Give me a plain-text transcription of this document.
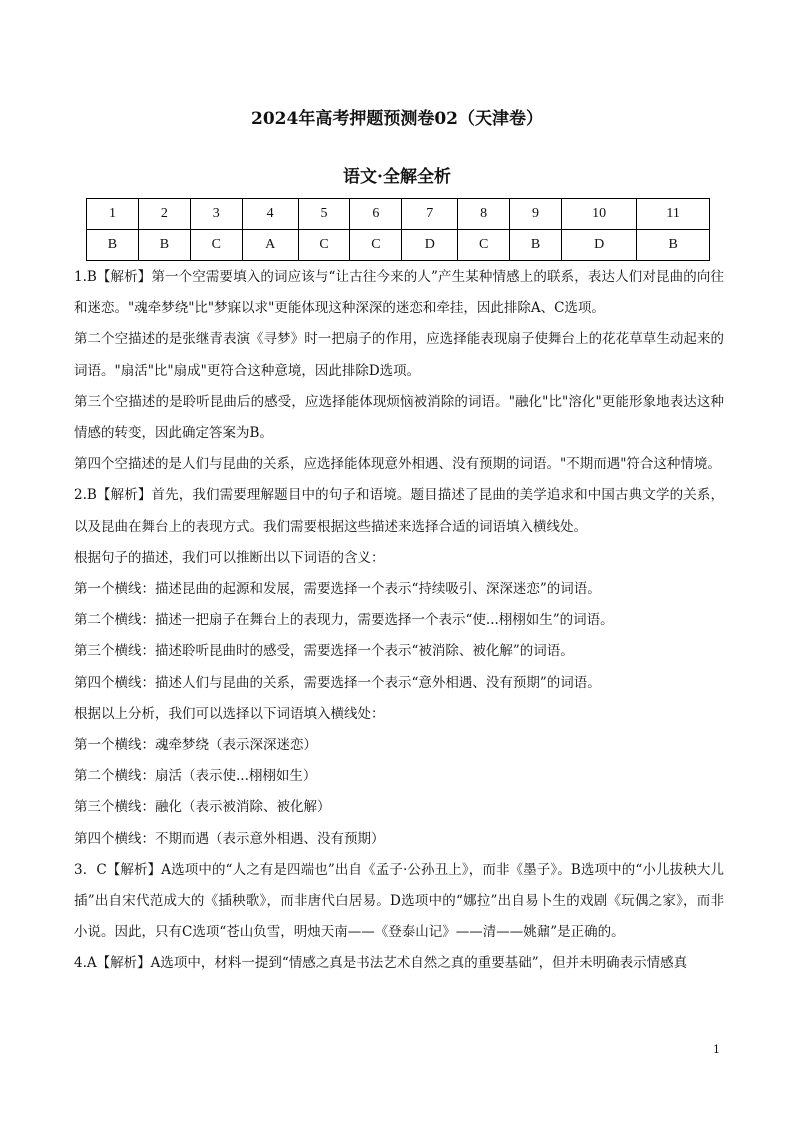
2024年高考押题预测卷02（天津卷）
语文·全解全析
1	2	3	4	5	6	7	8	9	10	11
B	B	C	A	C	C	D	C	B	D	B

1.B【解析】第一个空需要填入的词应该与“让古往今来的人”产生某种情感上的联系，表达人们对昆曲的向往和迷恋。"魂牵梦绕"比"梦寐以求"更能体现这种深深的迷恋和牵挂，因此排除A、C选项。

第二个空描述的是张继青表演《寻梦》时一把扇子的作用，应选择能表现扇子使舞台上的花花草草生动起来的词语。"扇活"比"扇成"更符合这种意境，因此排除D选项。

第三个空描述的是聆听昆曲后的感受，应选择能体现烦恼被消除的词语。"融化"比"溶化"更能形象地表达这种情感的转变，因此确定答案为B。

第四个空描述的是人们与昆曲的关系，应选择能体现意外相遇、没有预期的词语。"不期而遇"符合这种情境。

2.B【解析】首先，我们需要理解题目中的句子和语境。题目描述了昆曲的美学追求和中国古典文学的关系，以及昆曲在舞台上的表现方式。我们需要根据这些描述来选择合适的词语填入横线处。

根据句子的描述，我们可以推断出以下词语的含义：

第一个横线：描述昆曲的起源和发展，需要选择一个表示“持续吸引、深深迷恋”的词语。

第二个横线：描述一把扇子在舞台上的表现力，需要选择一个表示“使...栩栩如生”的词语。

第三个横线：描述聆听昆曲时的感受，需要选择一个表示“被消除、被化解”的词语。

第四个横线：描述人们与昆曲的关系，需要选择一个表示“意外相遇、没有预期”的词语。

根据以上分析，我们可以选择以下词语填入横线处：

第一个横线：魂牵梦绕（表示深深迷恋）

第二个横线：扇活（表示使...栩栩如生）

第三个横线：融化（表示被消除、被化解）

第四个横线：不期而遇（表示意外相遇、没有预期）

3．C【解析】A选项中的“人之有是四端也”出自《孟子·公孙丑上》，而非《墨子》。B选项中的“小儿拔秧大儿插”出自宋代范成大的《插秧歌》，而非唐代白居易。D选项中的“娜拉”出自易卜生的戏剧《玩偶之家》，而非小说。因此，只有C选项“苍山负雪，明烛天南——《登泰山记》——清——姚鼐”是正确的。

4.A【解析】A选项中，材料一提到“情感之真是书法艺术自然之真的重要基础”，但并未明确表示情感真

1
